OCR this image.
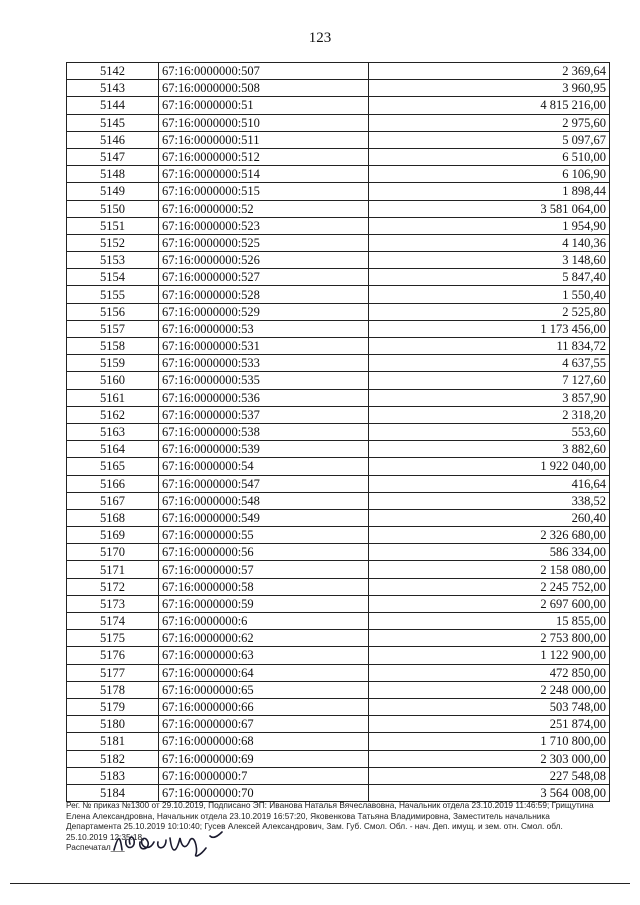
123
5142	67:16:0000000:507	2 369,64
5143	67:16:0000000:508	3 960,95
5144	67:16:0000000:51	4 815 216,00
5145	67:16:0000000:510	2 975,60
5146	67:16:0000000:511	5 097,67
5147	67:16:0000000:512	6 510,00
5148	67:16:0000000:514	6 106,90
5149	67:16:0000000:515	1 898,44
5150	67:16:0000000:52	3 581 064,00
5151	67:16:0000000:523	1 954,90
5152	67:16:0000000:525	4 140,36
5153	67:16:0000000:526	3 148,60
5154	67:16:0000000:527	5 847,40
5155	67:16:0000000:528	1 550,40
5156	67:16:0000000:529	2 525,80
5157	67:16:0000000:53	1 173 456,00
5158	67:16:0000000:531	11 834,72
5159	67:16:0000000:533	4 637,55
5160	67:16:0000000:535	7 127,60
5161	67:16:0000000:536	3 857,90
5162	67:16:0000000:537	2 318,20
5163	67:16:0000000:538	553,60
5164	67:16:0000000:539	3 882,60
5165	67:16:0000000:54	1 922 040,00
5166	67:16:0000000:547	416,64
5167	67:16:0000000:548	338,52
5168	67:16:0000000:549	260,40
5169	67:16:0000000:55	2 326 680,00
5170	67:16:0000000:56	586 334,00
5171	67:16:0000000:57	2 158 080,00
5172	67:16:0000000:58	2 245 752,00
5173	67:16:0000000:59	2 697 600,00
5174	67:16:0000000:6	15 855,00
5175	67:16:0000000:62	2 753 800,00
5176	67:16:0000000:63	1 122 900,00
5177	67:16:0000000:64	472 850,00
5178	67:16:0000000:65	2 248 000,00
5179	67:16:0000000:66	503 748,00
5180	67:16:0000000:67	251 874,00
5181	67:16:0000000:68	1 710 800,00
5182	67:16:0000000:69	2 303 000,00
5183	67:16:0000000:7	227 548,08
5184	67:16:0000000:70	3 564 008,00
Рег. № приказ №1300 от 29.10.2019, Подписано ЭП: Иванова Наталья Вячеславовна, Начальник отдела 23.10.2019 11:46:59; Грищутина Елена Александровна, Начальник отдела 23.10.2019 16:57:20, Яковенкова Татьяна Владимировна, Заместитель начальника Департамента 25.10.2019 10:10:40; Гусев Алексей Александрович, Зам. Губ. Смол. Обл. - нач. Деп. имущ. и зем. отн. Смол. обл. 25.10.2019 12:35:18,
Распечатал___
